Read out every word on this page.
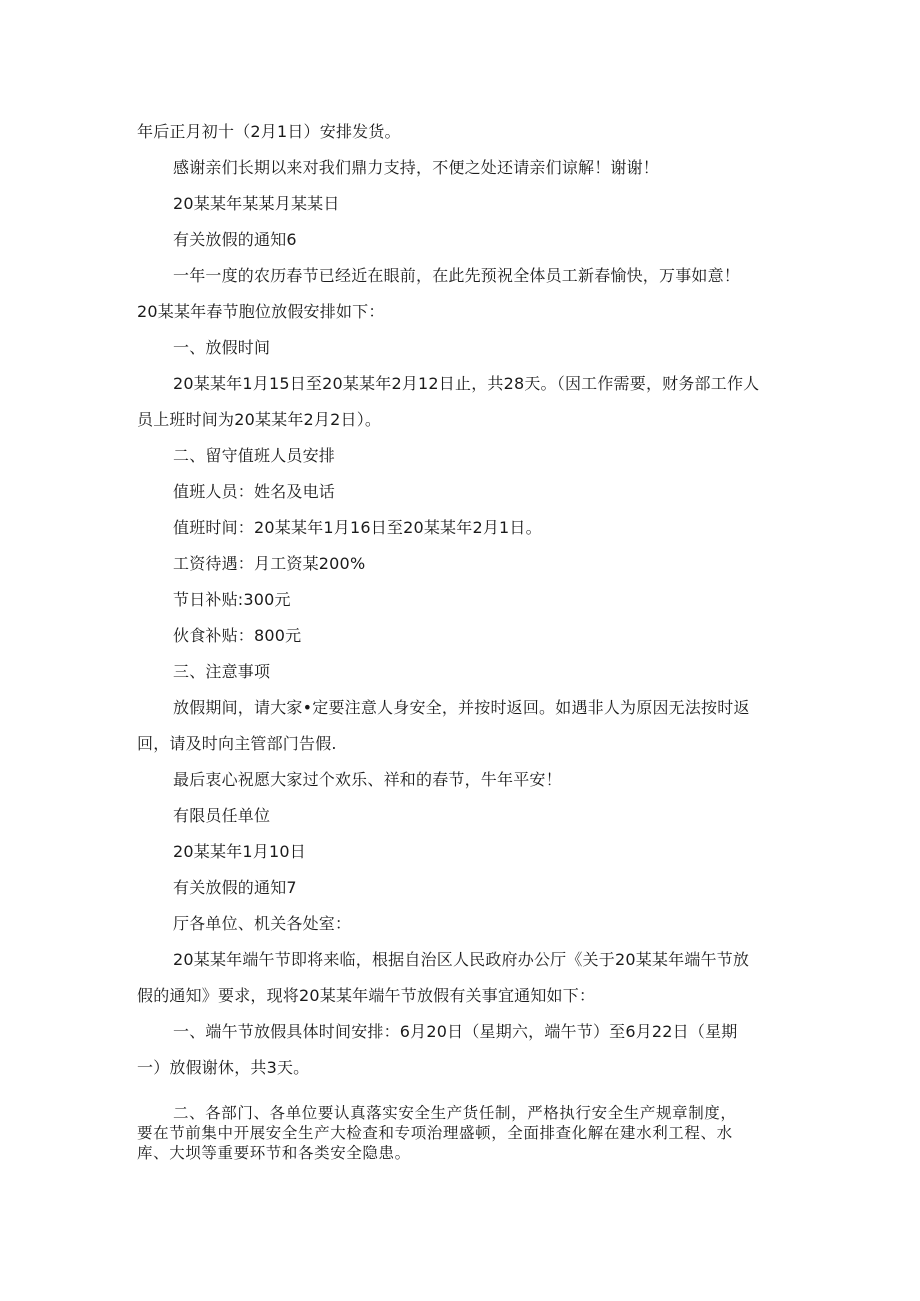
年后正月初十（2月1日）安排发货。

感谢亲们长期以来对我们鼎力支持，不便之处还请亲们谅解！谢谢！

20某某年某某月某某日

有关放假的通知6

一年一度的农历春节已经近在眼前，在此先预祝全体员工新春愉快，万事如意！

20某某年春节胞位放假安排如下：

一、放假时间

20某某年1月15日至20某某年2月12日止，共28天。（因工作需要，财务部工作人

员上班时间为20某某年2月2日）。

二、留守值班人员安排

值班人员：姓名及电话

值班时间：20某某年1月16日至20某某年2月1日。

工资待遇：月工资某200%

节日补贴:300元

伙食补贴：800元

三、注意事项

放假期间，请大家•定要注意人身安全，并按时返回。如遇非人为原因无法按时返

回，请及时向主管部门告假.

最后衷心祝愿大家过个欢乐、祥和的春节，牛年平安！

有限员任单位

20某某年1月10日

有关放假的通知7

厅各单位、机关各处室：

20某某年端午节即将来临，根据自治区人民政府办公厅《关于20某某年端午节放

假的通知》要求，现将20某某年端午节放假有关事宜通知如下：

一、端午节放假具体时间安排：6月20日（星期六，端午节）至6月22日（星期

一）放假谢休，共3天。

二、各部门、各单位要认真落实安全生产货任制，严格执行安全生产规章制度，

要在节前集中开展安全生产大检查和专项治理盛顿，全面排查化解在建水利工程、水

库、大坝等重要环节和各类安全隐患。
